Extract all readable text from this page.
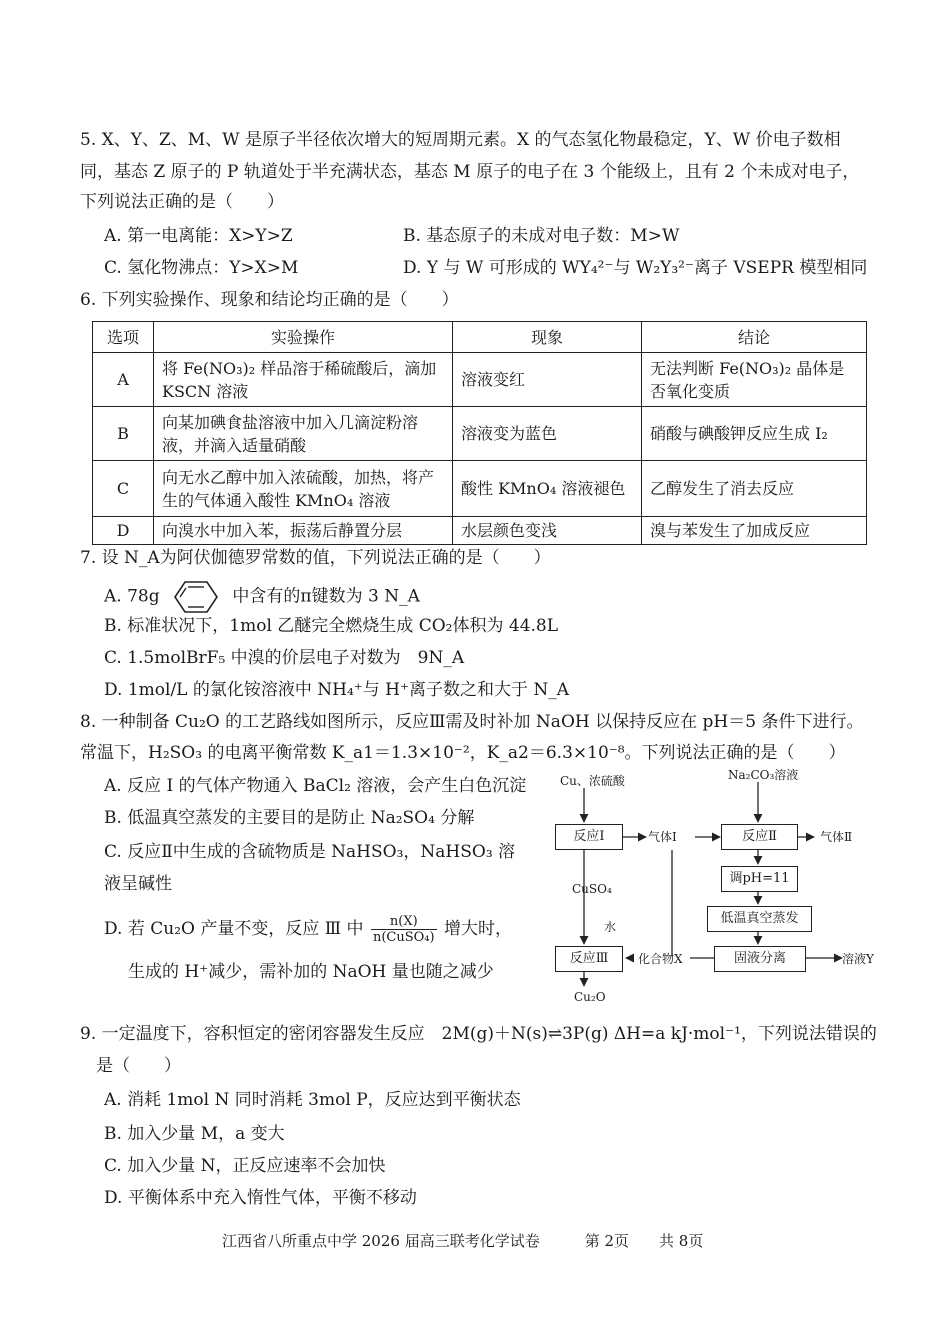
5. X、Y、Z、M、W 是原子半径依次增大的短周期元素。X 的气态氢化物最稳定，Y、W 价电子数相
同，基态 Z 原子的 P 轨道处于半充满状态，基态 M 原子的电子在 3 个能级上，且有 2 个未成对电子，
下列说法正确的是（　　）
A. 第一电离能：X>Y>Z	B. 基态原子的未成对电子数：M>W
C. 氢化物沸点：Y>X>M	D. Y 与 W 可形成的 WY₄²⁻与 W₂Y₃²⁻离子 VSEPR 模型相同
6. 下列实验操作、现象和结论均正确的是（　　）
选项	实验操作	现象	结论
A	将 Fe(NO₃)₂ 样品溶于稀硫酸后，滴加 KSCN 溶液	溶液变红	无法判断 Fe(NO₃)₂ 晶体是否氧化变质
B	向某加碘食盐溶液中加入几滴淀粉溶液，并滴入适量硝酸	溶液变为蓝色	硝酸与碘酸钾反应生成 I₂
C	向无水乙醇中加入浓硫酸，加热，将产生的气体通入酸性 KMnO₄ 溶液	酸性 KMnO₄ 溶液褪色	乙醇发生了消去反应
D	向溴水中加入苯，振荡后静置分层	水层颜色变浅	溴与苯发生了加成反应
7. 设 N_A为阿伏伽德罗常数的值，下列说法正确的是（　　）
A. 78g	中含有的π键数为 3 N_A
B. 标准状况下，1mol 乙醚完全燃烧生成 CO₂体积为 44.8L
C. 1.5molBrF₅ 中溴的价层电子对数为　9N_A
D. 1mol/L 的氯化铵溶液中 NH₄⁺与 H⁺离子数之和大于 N_A
8. 一种制备 Cu₂O 的工艺路线如图所示，反应Ⅲ需及时补加 NaOH 以保持反应在 pH＝5 条件下进行。
常温下，H₂SO₃ 的电离平衡常数 K_a1＝1.3×10⁻²，K_a2＝6.3×10⁻⁸。下列说法正确的是（　　）
A. 反应 Ⅰ 的气体产物通入 BaCl₂ 溶液，会产生白色沉淀
B. 低温真空蒸发的主要目的是防止 Na₂SO₄ 分解
C. 反应Ⅱ中生成的含硫物质是 NaHSO₃，NaHSO₃ 溶
液呈碱性
D. 若 Cu₂O 产量不变，反应 Ⅲ 中	n(X)
n(CuSO₄) 增大时，
生成的 H⁺减少，需补加的 NaOH 量也随之减少
Cu、浓硫酸	Na₂CO₃溶液
反应Ⅰ	气体Ⅰ	反应Ⅱ	气体Ⅱ
调pH=11
低温真空蒸发
CuSO₄
水
反应Ⅲ	化合物X	固液分离	溶液Y
Cu₂O
9. 一定温度下，容积恒定的密闭容器发生反应　2M(g)＋N(s)⇌3P(g) ΔH=a kJ·mol⁻¹，下列说法错误的
是（　　）
A. 消耗 1mol N 同时消耗 3mol P，反应达到平衡状态
B. 加入少量 M，a 变大
C. 加入少量 N，正反应速率不会加快
D. 平衡体系中充入惰性气体，平衡不移动
江西省八所重点中学 2026 届高三联考化学试卷　　　第 2页　　共 8页
